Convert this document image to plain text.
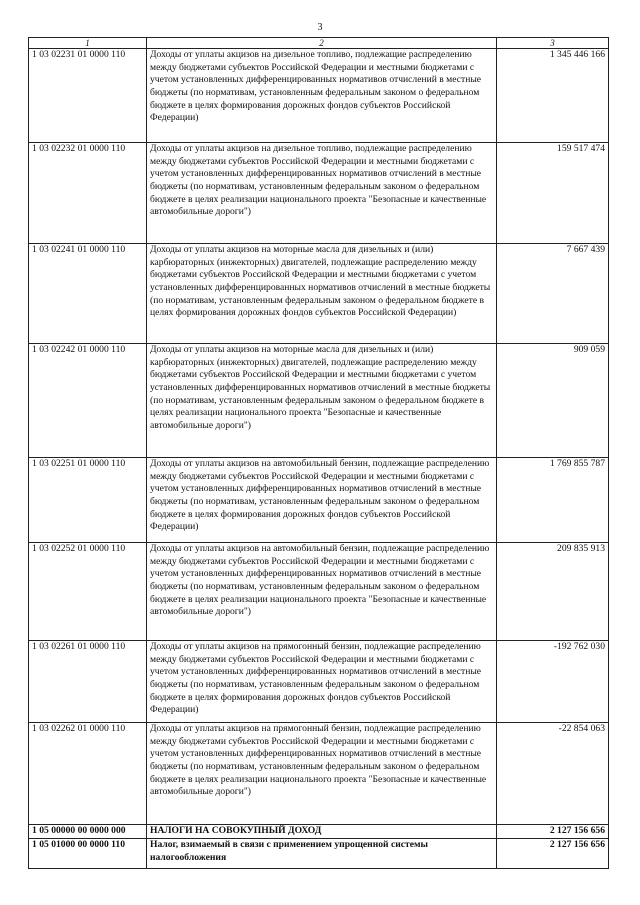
3
1	2	3
1 03 02231 01 0000 110	Доходы от уплаты акцизов на дизельное топливо, подлежащие распределению между бюджетами субъектов Российской Федерации и местными бюджетами с учетом установленных дифференцированных нормативов отчислений в местные бюджеты (по нормативам, установленным федеральным законом о федеральном бюджете в целях формирования дорожных фондов субъектов Российской Федерации)	1 345 446 166
1 03 02232 01 0000 110	Доходы от уплаты акцизов на дизельное топливо, подлежащие распределению между бюджетами субъектов Российской Федерации и местными бюджетами с учетом установленных дифференцированных нормативов отчислений в местные бюджеты (по нормативам, установленным федеральным законом о федеральном бюджете в целях реализации национального проекта "Безопасные и качественные автомобильные дороги")	159 517 474
1 03 02241 01 0000 110	Доходы от уплаты акцизов на моторные масла для дизельных и (или) карбюраторных (инжекторных) двигателей, подлежащие распределению между бюджетами субъектов Российской Федерации и местными бюджетами с учетом установленных дифференцированных нормативов отчислений в местные бюджеты (по нормативам, установленным федеральным законом о федеральном бюджете в целях формирования дорожных фондов субъектов Российской Федерации)	7 667 439
1 03 02242 01 0000 110	Доходы от уплаты акцизов на моторные масла для дизельных и (или) карбюраторных (инжекторных) двигателей, подлежащие распределению между бюджетами субъектов Российской Федерации и местными бюджетами с учетом установленных дифференцированных нормативов отчислений в местные бюджеты (по нормативам, установленным федеральным законом о федеральном бюджете в целях реализации национального проекта "Безопасные и качественные автомобильные дороги")	909 059
1 03 02251 01 0000 110	Доходы от уплаты акцизов на автомобильный бензин, подлежащие распределению между бюджетами субъектов Российской Федерации и местными бюджетами с учетом установленных дифференцированных нормативов отчислений в местные бюджеты (по нормативам, установленным федеральным законом о федеральном бюджете в целях формирования дорожных фондов субъектов Российской Федерации)	1 769 855 787
1 03 02252 01 0000 110	Доходы от уплаты акцизов на автомобильный бензин, подлежащие распределению между бюджетами субъектов Российской Федерации и местными бюджетами с учетом установленных дифференцированных нормативов отчислений в местные бюджеты (по нормативам, установленным федеральным законом о федеральном бюджете в целях реализации национального проекта "Безопасные и качественные автомобильные дороги")	209 835 913
1 03 02261 01 0000 110	Доходы от уплаты акцизов на прямогонный бензин, подлежащие распределению между бюджетами субъектов Российской Федерации и местными бюджетами с учетом установленных дифференцированных нормативов отчислений в местные бюджеты (по нормативам, установленным федеральным законом о федеральном бюджете в целях формирования дорожных фондов субъектов Российской Федерации)	-192 762 030
1 03 02262 01 0000 110	Доходы от уплаты акцизов на прямогонный бензин, подлежащие распределению между бюджетами субъектов Российской Федерации и местными бюджетами с учетом установленных дифференцированных нормативов отчислений в местные бюджеты (по нормативам, установленным федеральным законом о федеральном бюджете в целях реализации национального проекта "Безопасные и качественные автомобильные дороги")	-22 854 063
1 05 00000 00 0000 000	НАЛОГИ НА СОВОКУПНЫЙ ДОХОД	2 127 156 656
1 05 01000 00 0000 110	Налог, взимаемый в связи с применением упрощенной системы налогообложения	2 127 156 656
